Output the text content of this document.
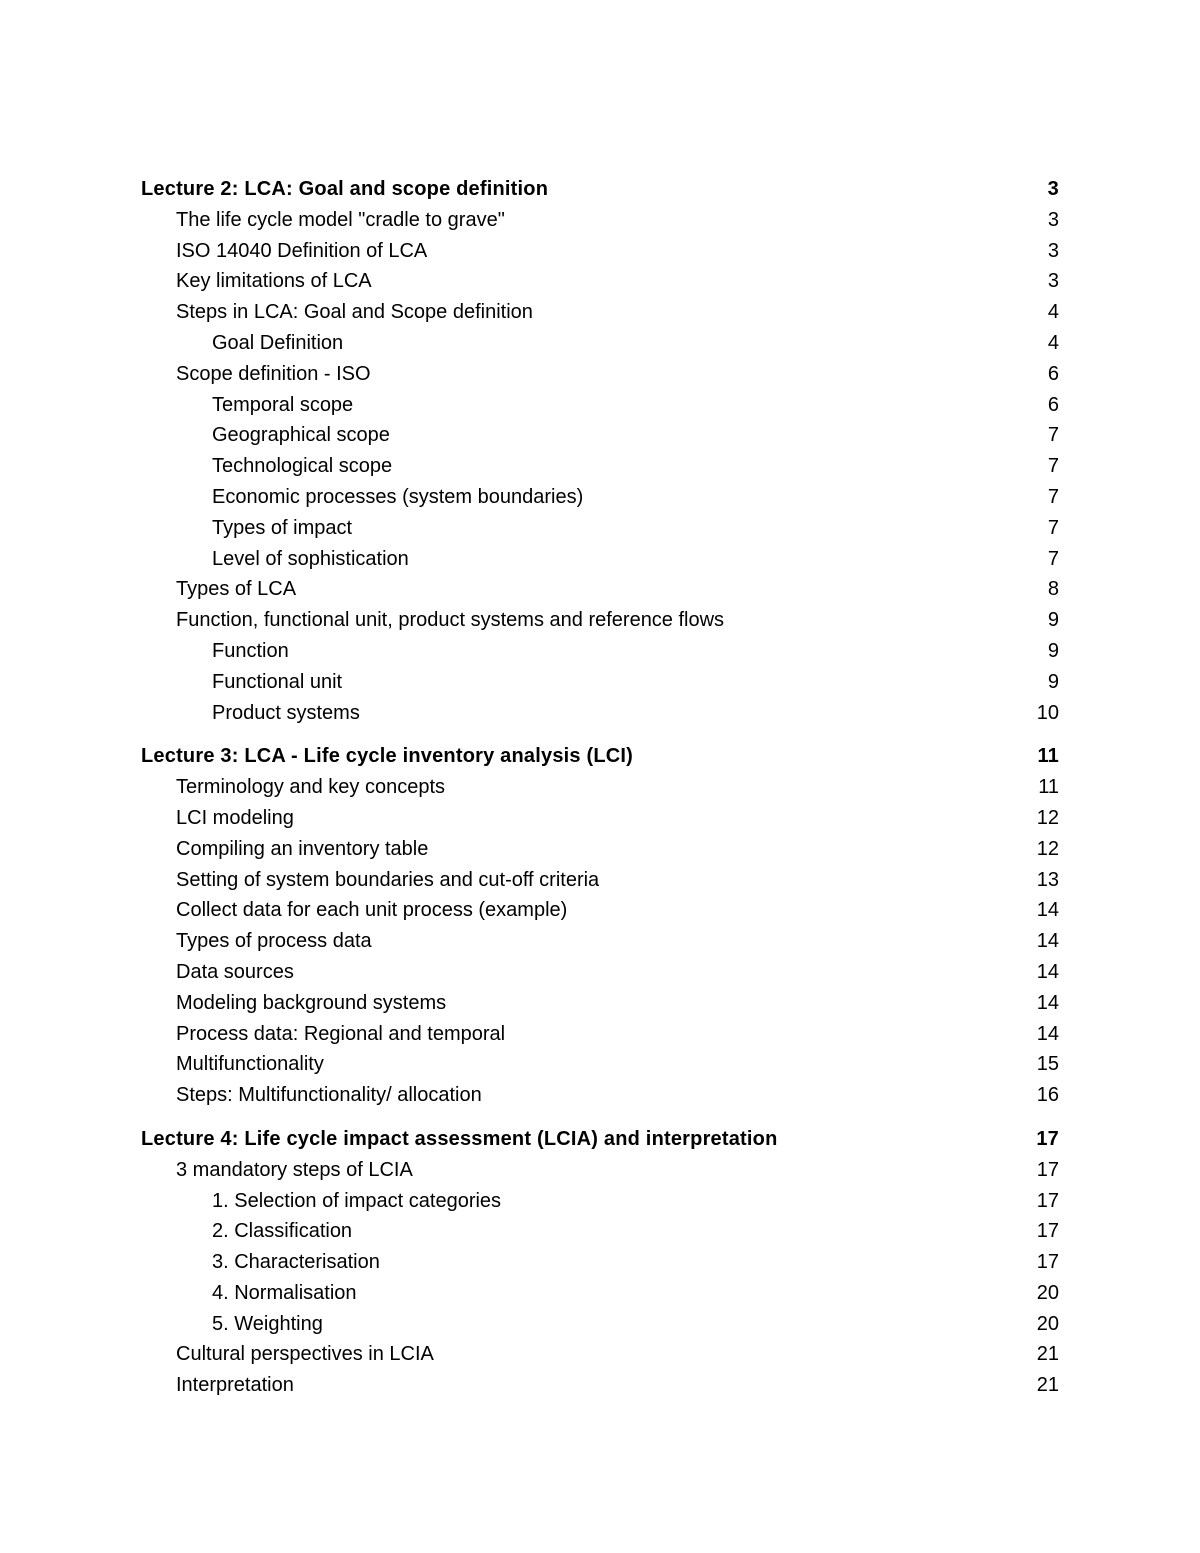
Lecture 2: LCA: Goal and scope definition	3
The life cycle model "cradle to grave"	3
ISO 14040 Definition of LCA	3
Key limitations of LCA	3
Steps in LCA: Goal and Scope definition	4
Goal Definition	4
Scope definition - ISO	6
Temporal scope	6
Geographical scope	7
Technological scope	7
Economic processes (system boundaries)	7
Types of impact	7
Level of sophistication	7
Types of LCA	8
Function, functional unit, product systems and reference flows	9
Function	9
Functional unit	9
Product systems	10
Lecture 3: LCA - Life cycle inventory analysis (LCI)	11
Terminology and key concepts	11
LCI modeling	12
Compiling an inventory table	12
Setting of system boundaries and cut-off criteria	13
Collect data for each unit process (example)	14
Types of process data	14
Data sources	14
Modeling background systems	14
Process data: Regional and temporal	14
Multifunctionality	15
Steps: Multifunctionality/ allocation	16
Lecture 4: Life cycle impact assessment (LCIA) and interpretation	17
3 mandatory steps of LCIA	17
1. Selection of impact categories	17
2. Classification	17
3. Characterisation	17
4. Normalisation	20
5. Weighting	20
Cultural perspectives in LCIA	21
Interpretation	21
